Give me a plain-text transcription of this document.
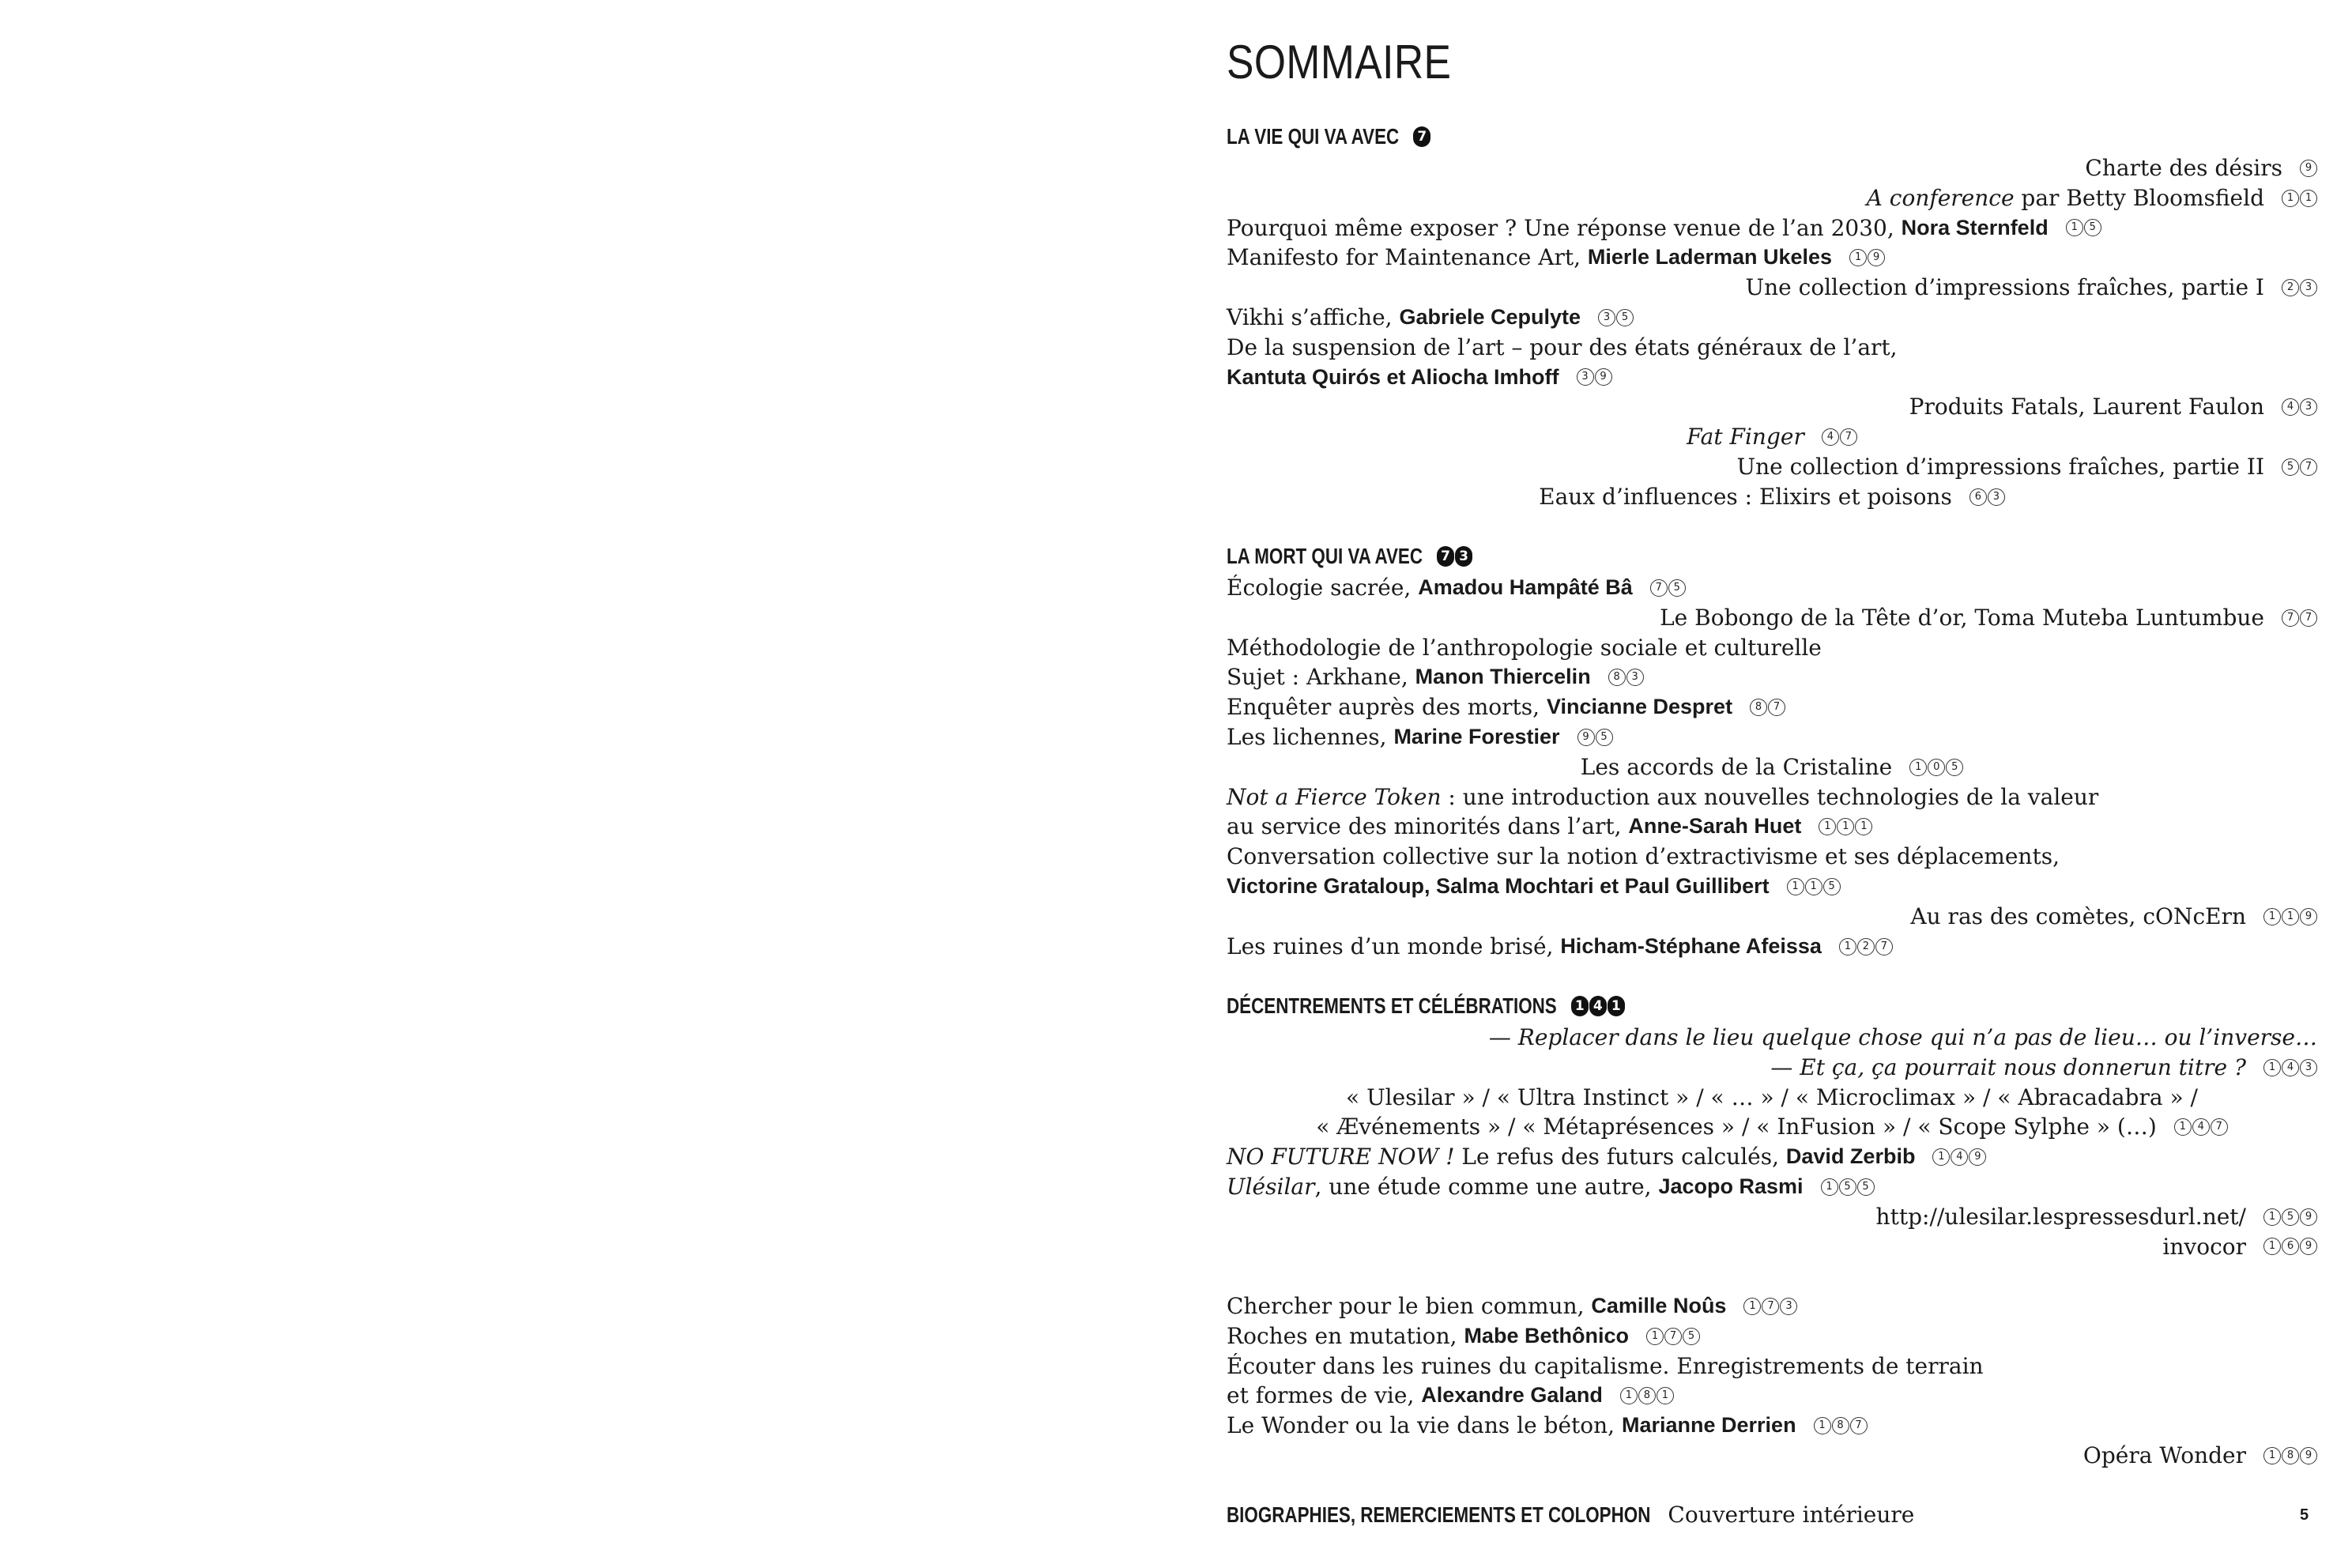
SOMMAIRE
LA VIE QUI VA AVEC 7
Charte des désirs	9
A conference par Betty Bloomsfield	1	1
Pourquoi même exposer ? Une réponse venue de l’an 2030, Nora Sternfeld	1	5
Manifesto for Maintenance Art, Mierle Laderman Ukeles	1	9
Une collection d’impressions fraîches, partie I	2	3
Vikhi s’affiche, Gabriele Cepulyte	3	5
De la suspension de l’art – pour des états généraux de l’art,
Kantuta Quirós et Aliocha Imhoff	3	9
Produits Fatals, Laurent Faulon	4	3
Fat Finger	4	7
Une collection d’impressions fraîches, partie II	5	7
Eaux d’influences : Elixirs et poisons	6	3
LA MORT QUI VA AVEC 7 3
Écologie sacrée, Amadou Hampâté Bâ	7	5
Le Bobongo de la Tête d’or, Toma Muteba Luntumbue	7	7
Méthodologie de l’anthropologie sociale et culturelle
Sujet : Arkhane, Manon Thiercelin	8	3
Enquêter auprès des morts, Vincianne Despret	8	7
Les lichennes, Marine Forestier	9	5
Les accords de la Cristaline	1	0	5
Not a Fierce Token : une introduction aux nouvelles technologies de la valeur
au service des minorités dans l’art, Anne-Sarah Huet	1	1	1
Conversation collective sur la notion d’extractivisme et ses déplacements,
Victorine Grataloup, Salma Mochtari et Paul Guillibert	1	1	5
Au ras des comètes, cONcErn	1	1	9
Les ruines d’un monde brisé, Hicham-Stéphane Afeissa	1	2	7
DÉCENTREMENTS ET CÉLÉBRATIONS 1 4 1
— Replacer dans le lieu quelque chose qui n’a pas de lieu… ou l’inverse…
— Et ça, ça pourrait nous donnerun titre ?	1	4	3
« Ulesilar » / « Ultra Instinct » / « … » / « Microclimax » / « Abracadabra » /
« Ævénements » / « Métaprésences » / « InFusion » / « Scope Sylphe » (…)	1	4	7
NO FUTURE NOW ! Le refus des futurs calculés, David Zerbib	1	4	9
Ulésilar , une étude comme une autre, Jacopo Rasmi	1	5	5
http://ulesilar.lespressesdurl.net/	1	5	9
invocor	1	6	9
Chercher pour le bien commun, Camille Noûs	1	7	3
Roches en mutation, Mabe Bethônico	1	7	5
Écouter dans les ruines du capitalisme. Enregistrements de terrain
et formes de vie, Alexandre Galand	1	8	1
Le Wonder ou la vie dans le béton, Marianne Derrien	1	8	7
Opéra Wonder	1	8	9
BIOGRAPHIES, REMERCIEMENTS ET COLOPHON Couverture intérieure	5
